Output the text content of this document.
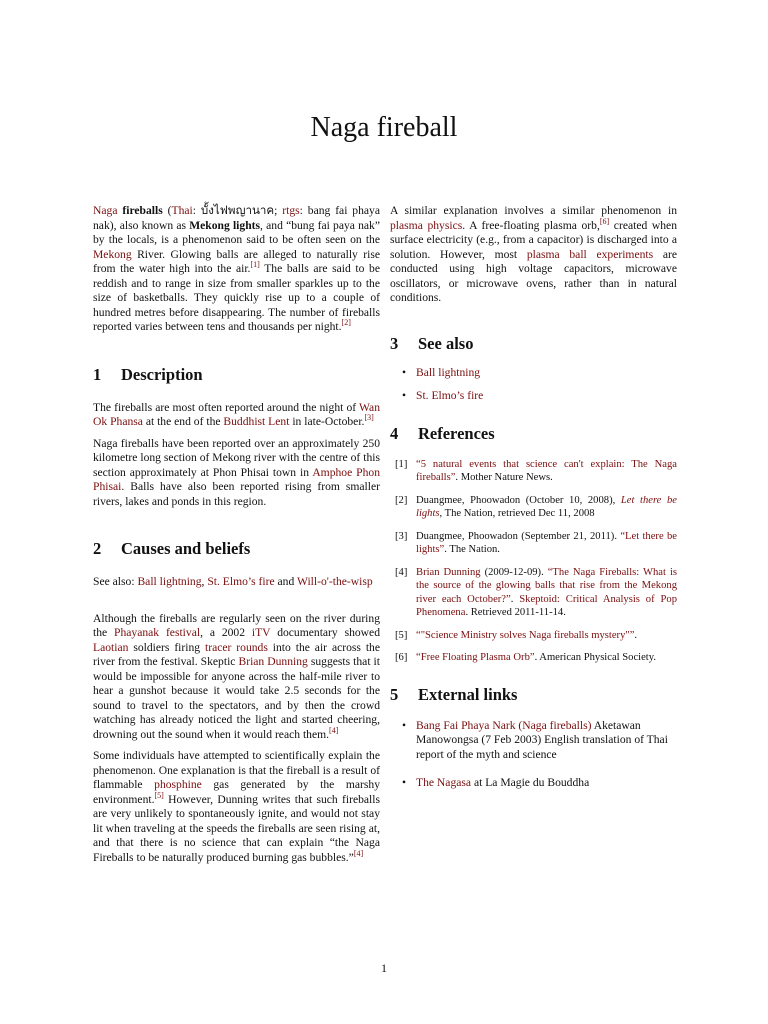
Naga fireball

Naga fireballs (Thai: บั้งไฟพญานาค; rtgs: bang fai phaya nak), also known as Mekong lights, and “bung fai paya nak” by the locals, is a phenomenon said to be often seen on the Mekong River. Glowing balls are alleged to naturally rise from the water high into the air.[1] The balls are said to be reddish and to range in size from smaller sparkles up to the size of basketballs. They quickly rise up to a couple of hundred metres before disappearing. The number of fireballs reported varies between tens and thousands per night.[2]

1 Description

The fireballs are most often reported around the night of Wan Ok Phansa at the end of the Buddhist Lent in late-October.[3]

Naga fireballs have been reported over an approximately 250 kilometre long section of Mekong river with the centre of this section approximately at Phon Phisai town in Amphoe Phon Phisai. Balls have also been reported rising from smaller rivers, lakes and ponds in this region.

2 Causes and beliefs

See also: Ball lightning, St. Elmo’s fire and Will-o'-the-wisp

Although the fireballs are regularly seen on the river during the Phayanak festival, a 2002 iTV documentary showed Laotian soldiers firing tracer rounds into the air across the river from the festival. Skeptic Brian Dunning suggests that it would be impossible for anyone across the half-mile river to hear a gunshot because it would take 2.5 seconds for the sound to travel to the spectators, and by then the crowd watching has already noticed the light and started cheering, drowning out the sound when it would reach them.[4]

Some individuals have attempted to scientifically explain the phenomenon. One explanation is that the fireball is a result of flammable phosphine gas generated by the marshy environment.[5] However, Dunning writes that such fireballs are very unlikely to spontaneously ignite, and would not stay lit when traveling at the speeds the fireballs are seen rising at, and that there is no science that can explain “the Naga Fireballs to be naturally produced burning gas bubbles.”[4]

A similar explanation involves a similar phenomenon in plasma physics. A free-floating plasma orb,[6] created when surface electricity (e.g., from a capacitor) is discharged into a solution. However, most plasma ball experiments are conducted using high voltage capacitors, microwave oscillators, or microwave ovens, rather than in natural conditions.

3 See also
• Ball lightning
• St. Elmo’s fire
4 References
[1] “5 natural events that science can't explain: The Naga fireballs”. Mother Nature News.
[2] Duangmee, Phoowadon (October 10, 2008), Let there be lights, The Nation, retrieved Dec 11, 2008
[3] Duangmee, Phoowadon (September 21, 2011). “Let there be lights”. The Nation.
[4] Brian Dunning (2009-12-09). “The Naga Fireballs: What is the source of the glowing balls that rise from the Mekong river each October?”. Skeptoid: Critical Analysis of Pop Phenomena. Retrieved 2011-11-14.
[5] “"Science Ministry solves Naga fireballs mystery"”.
[6] “Free Floating Plasma Orb”. American Physical Society.
5 External links
• Bang Fai Phaya Nark (Naga fireballs) Aketawan Manowongsa (7 Feb 2003) English translation of Thai report of the myth and science
• The Nagasa at La Magie du Bouddha
1
